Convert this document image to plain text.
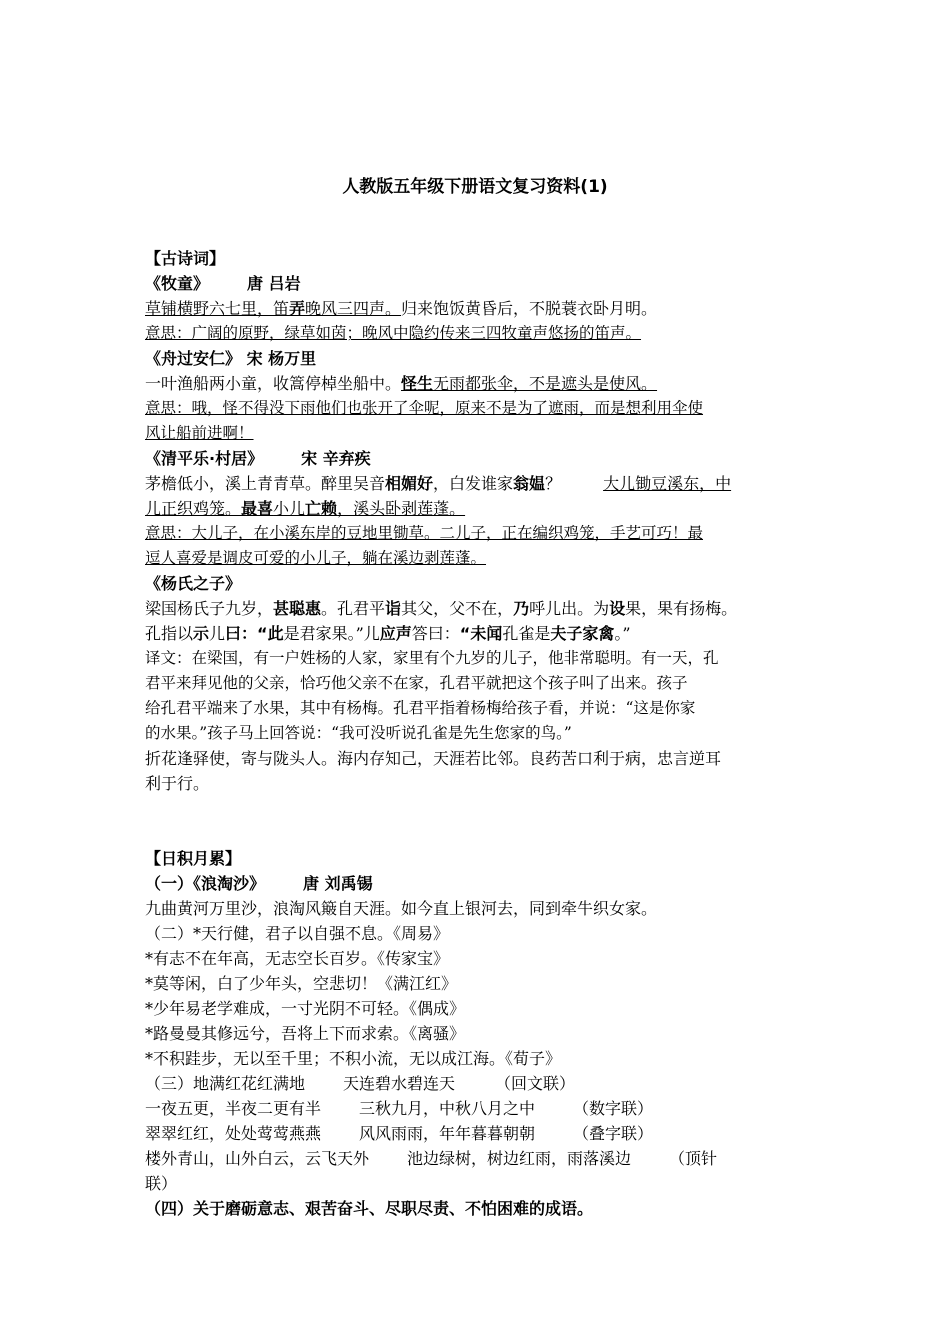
人教版五年级下册语文复习资料(1)
【古诗词】
《牧童》 唐 吕岩
草铺横野六七里，笛弄晚风三四声。归来饱饭黄昏后，不脱蓑衣卧月明。
意思：广阔的原野，绿草如茵；晚风中隐约传来三四牧童声悠扬的笛声。
《舟过安仁》 宋 杨万里
一叶渔船两小童，收篙停棹坐船中。怪生无雨都张伞，不是遮头是使风。
意思：哦，怪不得没下雨他们也张开了伞呢，原来不是为了遮雨，而是想利用伞使
风让船前进啊！
《清平乐·村居》 宋 辛弃疾
茅檐低小，溪上青青草。醉里吴音相媚好，白发谁家翁媪？	大儿锄豆溪东，中
儿正织鸡笼。最喜小儿亡赖，溪头卧剥莲蓬。
意思：大儿子，在小溪东岸的豆地里锄草。二儿子，正在编织鸡笼，手艺可巧！最
逗人喜爱是调皮可爱的小儿子，躺在溪边剥莲蓬。
《杨氏之子》
梁国杨氏子九岁，甚聪惠。孔君平诣其父，父不在，乃呼儿出。为设果，果有扬梅。
孔指以示儿曰：“此是君家果。”儿应声答曰：“未闻孔雀是夫子家禽。”
译文：在梁国，有一户姓杨的人家，家里有个九岁的儿子，他非常聪明。有一天，孔
君平来拜见他的父亲，恰巧他父亲不在家，孔君平就把这个孩子叫了出来。孩子
给孔君平端来了水果，其中有杨梅。孔君平指着杨梅给孩子看，并说：“这是你家
的水果。”孩子马上回答说：“我可没听说孔雀是先生您家的鸟。”
折花逢驿使，寄与陇头人。海内存知己，天涯若比邻。良药苦口利于病，忠言逆耳
利于行。
【日积月累】
（一）《浪淘沙》 唐 刘禹锡
九曲黄河万里沙，浪淘风簸自天涯。如今直上银河去，同到牵牛织女家。
（二）*天行健，君子以自强不息。《周易》
*有志不在年高，无志空长百岁。《传家宝》
*莫等闲，白了少年头，空悲切！《满江红》
*少年易老学难成，一寸光阴不可轻。《偶成》
*路曼曼其修远兮，吾将上下而求索。《离骚》
*不积跬步，无以至千里；不积小流，无以成江海。《荀子》
（三）地满红花红满地 天连碧水碧连天	（回文联）
一夜五更，半夜二更有半 三秋九月，中秋八月之中 （数字联）
翠翠红红，处处莺莺燕燕 风风雨雨，年年暮暮朝朝 （叠字联）
楼外青山，山外白云，云飞天外 池边绿树，树边红雨，雨落溪边 （顶针
联）
（四）关于磨砺意志、艰苦奋斗、尽职尽责、不怕困难的成语。
